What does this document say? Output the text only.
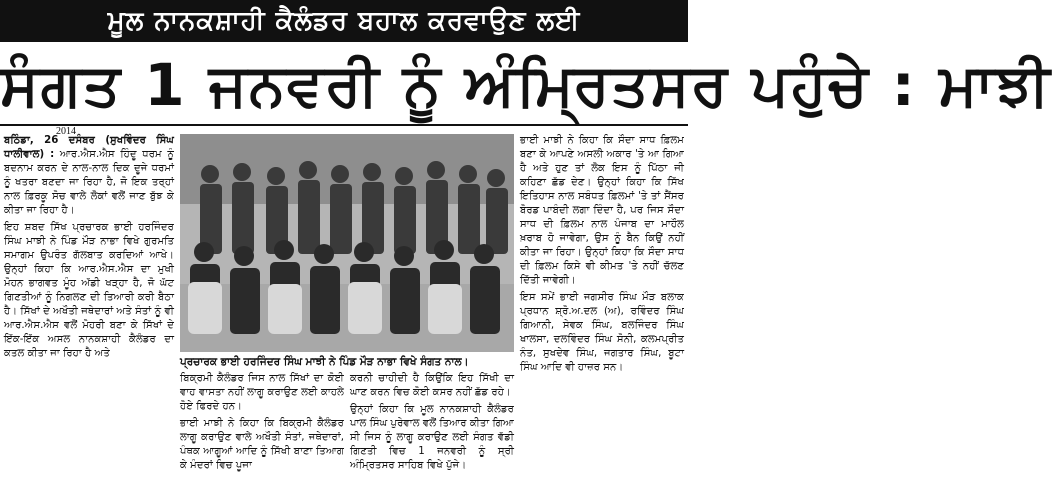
ਮੂਲ ਨਾਨਕਸ਼ਾਹੀ ਕੈਲੰਡਰ ਬਹਾਲ ਕਰਵਾਉਣ ਲਈ
ਸੰਗਤ 1 ਜਨਵਰੀ ਨੂੰ ਅੰਮ੍ਰਿਤਸਰ ਪਹੁੰਚੇ : ਮਾਝੀ
2014

ਬਠਿੰਡਾ, 26 ਦਸੰਬਰ (ਸੁਖਵਿੰਦਰ ਸਿੰਘ ਧਾਲੀਵਾਲ) : ਆਰ.ਐਸ.ਐਸ ਹਿੰਦੂ ਧਰਮ ਨੂੰ ਬਦਨਾਮ ਕਰਨ ਦੇ ਨਾਲ-ਨਾਲ ਦਿਕ ਦੂਜੇ ਧਰਮਾਂ ਨੂੰ ਖਤਰਾ ਬਣਦਾ ਜਾ ਰਿਹਾ ਹੈ, ਜੋ ਇਕ ਤਰ੍ਹਾਂ ਨਾਲ ਫ਼ਿਰਕੂ ਸੋਚ ਵਾਲੇ ਲੋਕਾਂ ਵਲੋਂ ਜਾਣ ਬੁੱਝ ਕੇ ਕੀਤਾ ਜਾ ਰਿਹਾ ਹੈ।

ਇਹ ਸ਼ਬਦ ਸਿੱਖ ਪ੍ਰਚਾਰਕ ਭਾਈ ਹਰਜਿੰਦਰ ਸਿੰਘ ਮਾਝੀ ਨੇ ਪਿੰਡ ਮੌੜ ਨਾਭਾ ਵਿਖੇ ਗੁਰਮਤਿ ਸਮਾਗਮ ਉਪਰੰਤ ਗੱਲਬਾਤ ਕਰਦਿਆਂ ਆਖੇ। ਉਨ੍ਹਾਂ ਕਿਹਾ ਕਿ ਆਰ.ਐਸ.ਐਸ ਦਾ ਮੁਖੀ ਮੋਹਨ ਭਾਗਵਤ ਮੂੰਹ ਅੱਡੀ ਖੜ੍ਹਾ ਹੈ, ਜੋ ਘੱਟ ਗਿਣਤੀਆਂ ਨੂੰ ਨਿਗਲਣ ਦੀ ਤਿਆਰੀ ਕਰੀ ਬੈਠਾ ਹੈ। ਸਿੱਖਾਂ ਦੇ ਅਖੌਤੀ ਜਥੇਦਾਰਾਂ ਅਤੇ ਸੰਤਾਂ ਨੂੰ ਵੀ ਆਰ.ਐਸ.ਐਸ ਵਲੋਂ ਮੋਹਰੀ ਬਣਾ ਕੇ ਸਿੱਖਾਂ ਦੇ ਇੱਕ-ਇੱਕ ਅਸਲ ਨਾਨਕਸ਼ਾਹੀ ਕੈਲੰਡਰ ਦਾ ਕਤਲ ਕੀਤਾ ਜਾ ਰਿਹਾ ਹੈ ਅਤੇ

ਪ੍ਰਚਾਰਕ ਭਾਈ ਹਰਜਿੰਦਰ ਸਿੰਘ ਮਾਝੀ ਨੇ ਪਿੰਡ ਮੌੜ ਨਾਭਾ ਵਿਖੇ ਸੰਗਤ ਨਾਲ।

ਬਿਕ੍ਰਮੀ ਕੈਲੰਡਰ ਜਿਸ ਨਾਲ ਸਿੱਖਾਂ ਦਾ ਕੋਈ ਵਾਹ ਵਾਸਤਾ ਨਹੀਂ ਲਾਗੂ ਕਰਾਉਣ ਲਈ ਕਾਹਲੇ ਹੋਏ ਫਿਰਦੇ ਹਨ।

ਭਾਈ ਮਾਝੀ ਨੇ ਕਿਹਾ ਕਿ ਬਿਕ੍ਰਮੀ ਕੈਲੰਡਰ ਲਾਗੂ ਕਰਾਉਣ ਵਾਲੇ ਅਖੌਤੀ ਸੰਤਾਂ, ਜਥੇਦਾਰਾਂ, ਪੰਥਕ ਆਗੂਆਂ ਆਦਿ ਨੂੰ ਸਿੱਖੀ ਬਾਣਾ ਤਿਆਗ ਕੇ ਮੰਦਰਾਂ ਵਿਚ ਪੂਜਾ

ਕਰਨੀ ਚਾਹੀਦੀ ਹੈ ਕਿਉਂਕਿ ਇਹ ਸਿੱਖੀ ਦਾ ਘਾਣ ਕਰਨ ਵਿਚ ਕੋਈ ਕਸਰ ਨਹੀਂ ਛੱਡ ਰਹੇ।

ਉਨ੍ਹਾਂ ਕਿਹਾ ਕਿ ਮੂਲ ਨਾਨਕਸ਼ਾਹੀ ਕੈਲੰਡਰ ਪਾਲ ਸਿੰਘ ਪੁਰੇਵਾਲ ਵਲੋਂ ਤਿਆਰ ਕੀਤਾ ਗਿਆ ਸੀ ਜਿਸ ਨੂੰ ਲਾਗੂ ਕਰਾਉਣ ਲਈ ਸੰਗਤ ਵੱਡੀ ਗਿਣਤੀ ਵਿਚ 1 ਜਨਵਰੀ ਨੂੰ ਸ੍ਰੀ ਅੰਮ੍ਰਿਤਸਰ ਸਾਹਿਬ ਵਿਖੇ ਪੁੱਜੇ।

ਭਾਈ ਮਾਝੀ ਨੇ ਕਿਹਾ ਕਿ ਸੌਦਾ ਸਾਧ ਫ਼ਿਲਮ ਬਣਾ ਕੇ ਆਪਣੇ ਅਸਲੀ ਅਕਾਰ 'ਤੇ ਆ ਗਿਆ ਹੈ ਅਤੇ ਹੁਣ ਤਾਂ ਲੋਕ ਇਸ ਨੂੰ ਪਿੱਠਾ ਜੀ ਕਹਿਣਾ ਛੱਡ ਦੇਣ। ਉਨ੍ਹਾਂ ਕਿਹਾ ਕਿ ਸਿੱਖ ਇਤਿਹਾਸ ਨਾਲ ਸਬੰਧਤ ਫ਼ਿਲਮਾਂ 'ਤੇ ਤਾਂ ਸੈਂਸਰ ਬੋਰਡ ਪਾਬੰਦੀ ਲਗਾ ਦਿੰਦਾ ਹੈ, ਪਰ ਜਿਸ ਸੌਦਾ ਸਾਧ ਦੀ ਫ਼ਿਲਮ ਨਾਲ ਪੰਜਾਬ ਦਾ ਮਾਹੌਲ ਖ਼ਰਾਬ ਹੋ ਜਾਵੇਗਾ, ਉਸ ਨੂੰ ਬੈਨ ਕਿਉਂ ਨਹੀਂ ਕੀਤਾ ਜਾ ਰਿਹਾ। ਉਨ੍ਹਾਂ ਕਿਹਾ ਕਿ ਸੌਦਾ ਸਾਧ ਦੀ ਫ਼ਿਲਮ ਕਿਸੇ ਵੀ ਕੀਮਤ 'ਤੇ ਨਹੀਂ ਚੱਲਣ ਦਿੱਤੀ ਜਾਵੇਗੀ।

ਇਸ ਸਮੇਂ ਭਾਈ ਜਗਸੀਰ ਸਿੰਘ ਮੌੜ ਬਲਾਕ ਪ੍ਰਧਾਨ ਸ਼੍ਰੋ.ਅ.ਦਲ (ਅ), ਰਵਿੰਦਰ ਸਿੰਘ ਗਿਆਨੀ, ਸੇਵਕ ਸਿੰਘ, ਬਲਜਿੰਦਰ ਸਿੰਘ ਖਾਲਸਾ, ਦਲਵਿੰਦਰ ਸਿੰਘ ਸੋਨੀ, ਕਲਮਪ੍ਰੀਤ ਨੰਤ, ਸੁਖਦੇਵ ਸਿੰਘ, ਜਗਤਾਰ ਸਿੰਘ, ਬੂਟਾ ਸਿੰਘ ਆਦਿ ਵੀ ਹਾਜ਼ਰ ਸਨ।
